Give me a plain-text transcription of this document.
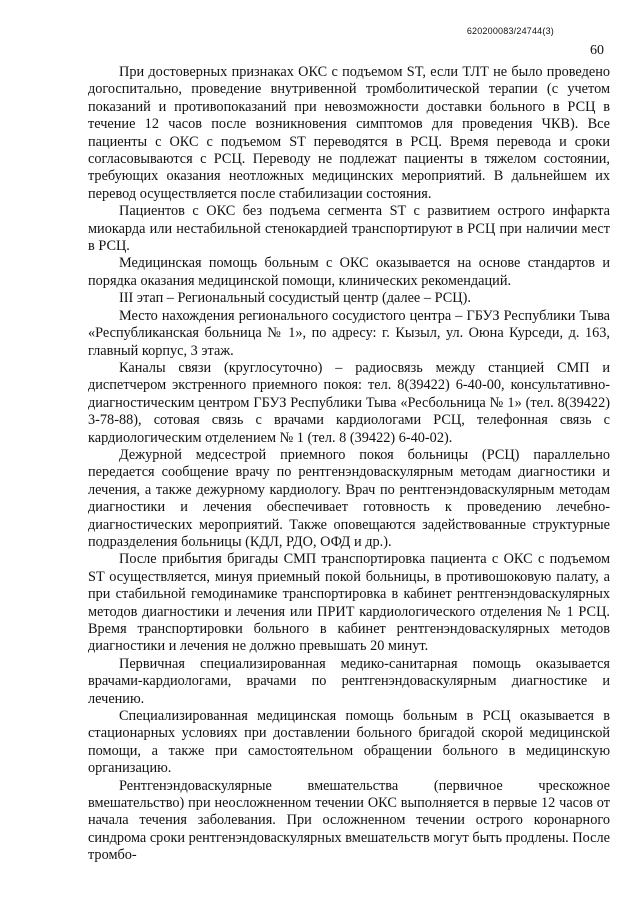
620200083/24744(3)
60

При достоверных признаках ОКС с подъемом ST, если ТЛТ не было проведено догоспитально, проведение внутривенной тромболитической терапии (с учетом показаний и противопоказаний при невозможности доставки больного в РСЦ в течение 12 часов после возникновения симптомов для проведения ЧКВ). Все пациенты с ОКС с подъемом ST переводятся в РСЦ. Время перевода и сроки согласовываются с РСЦ. Переводу не подлежат пациенты в тяжелом состоянии, требующих оказания неотложных медицинских мероприятий. В дальнейшем их перевод осуществляется после стабилизации состояния.

Пациентов с ОКС без подъема сегмента ST с развитием острого инфаркта миокарда или нестабильной стенокардией транспортируют в РСЦ при наличии мест в РСЦ.

Медицинская помощь больным с ОКС оказывается на основе стандартов и порядка оказания медицинской помощи, клинических рекомендаций.

III этап – Региональный сосудистый центр (далее – РСЦ).

Место нахождения регионального сосудистого центра – ГБУЗ Республики Тыва «Республиканская больница № 1», по адресу: г. Кызыл, ул. Оюна Курседи, д. 163, главный корпус, 3 этаж.

Каналы связи (круглосуточно) – радиосвязь между станцией СМП и диспетчером экстренного приемного покоя: тел. 8(39422) 6-40-00, консультативно-диагностическим центром ГБУЗ Республики Тыва «Ресбольница № 1» (тел. 8(39422) 3-78-88), сотовая связь с врачами кардиологами РСЦ, телефонная связь с кардиологическим отделением № 1 (тел. 8 (39422) 6-40-02).

Дежурной медсестрой приемного покоя больницы (РСЦ) параллельно передается сообщение врачу по рентгенэндоваскулярным методам диагностики и лечения, а также дежурному кардиологу. Врач по рентгенэндоваскулярным методам диагностики и лечения обеспечивает готовность к проведению лечебно-диагностических мероприятий. Также оповещаются задействованные структурные подразделения больницы (КДЛ, РДО, ОФД и др.).

После прибытия бригады СМП транспортировка пациента с ОКС с подъемом ST осуществляется, минуя приемный покой больницы, в противошоковую палату, а при стабильной гемодинамике транспортировка в кабинет рентгенэндоваскулярных методов диагностики и лечения или ПРИТ кардиологического отделения № 1 РСЦ. Время транспортировки больного в кабинет рентгенэндоваскулярных методов диагностики и лечения не должно превышать 20 минут.

Первичная специализированная медико-санитарная помощь оказывается врачами-кардиологами, врачами по рентгенэндоваскулярным диагностике и лечению.

Специализированная медицинская помощь больным в РСЦ оказывается в стационарных условиях при доставлении больного бригадой скорой медицинской помощи, а также при самостоятельном обращении больного в медицинскую организацию.

Рентгенэндоваскулярные вмешательства (первичное чрескожное вмешательство) при неосложненном течении ОКС выполняется в первые 12 часов от начала течения заболевания. При осложненном течении острого коронарного синдрома сроки рентгенэндоваскулярных вмешательств могут быть продлены. После тромбо-
